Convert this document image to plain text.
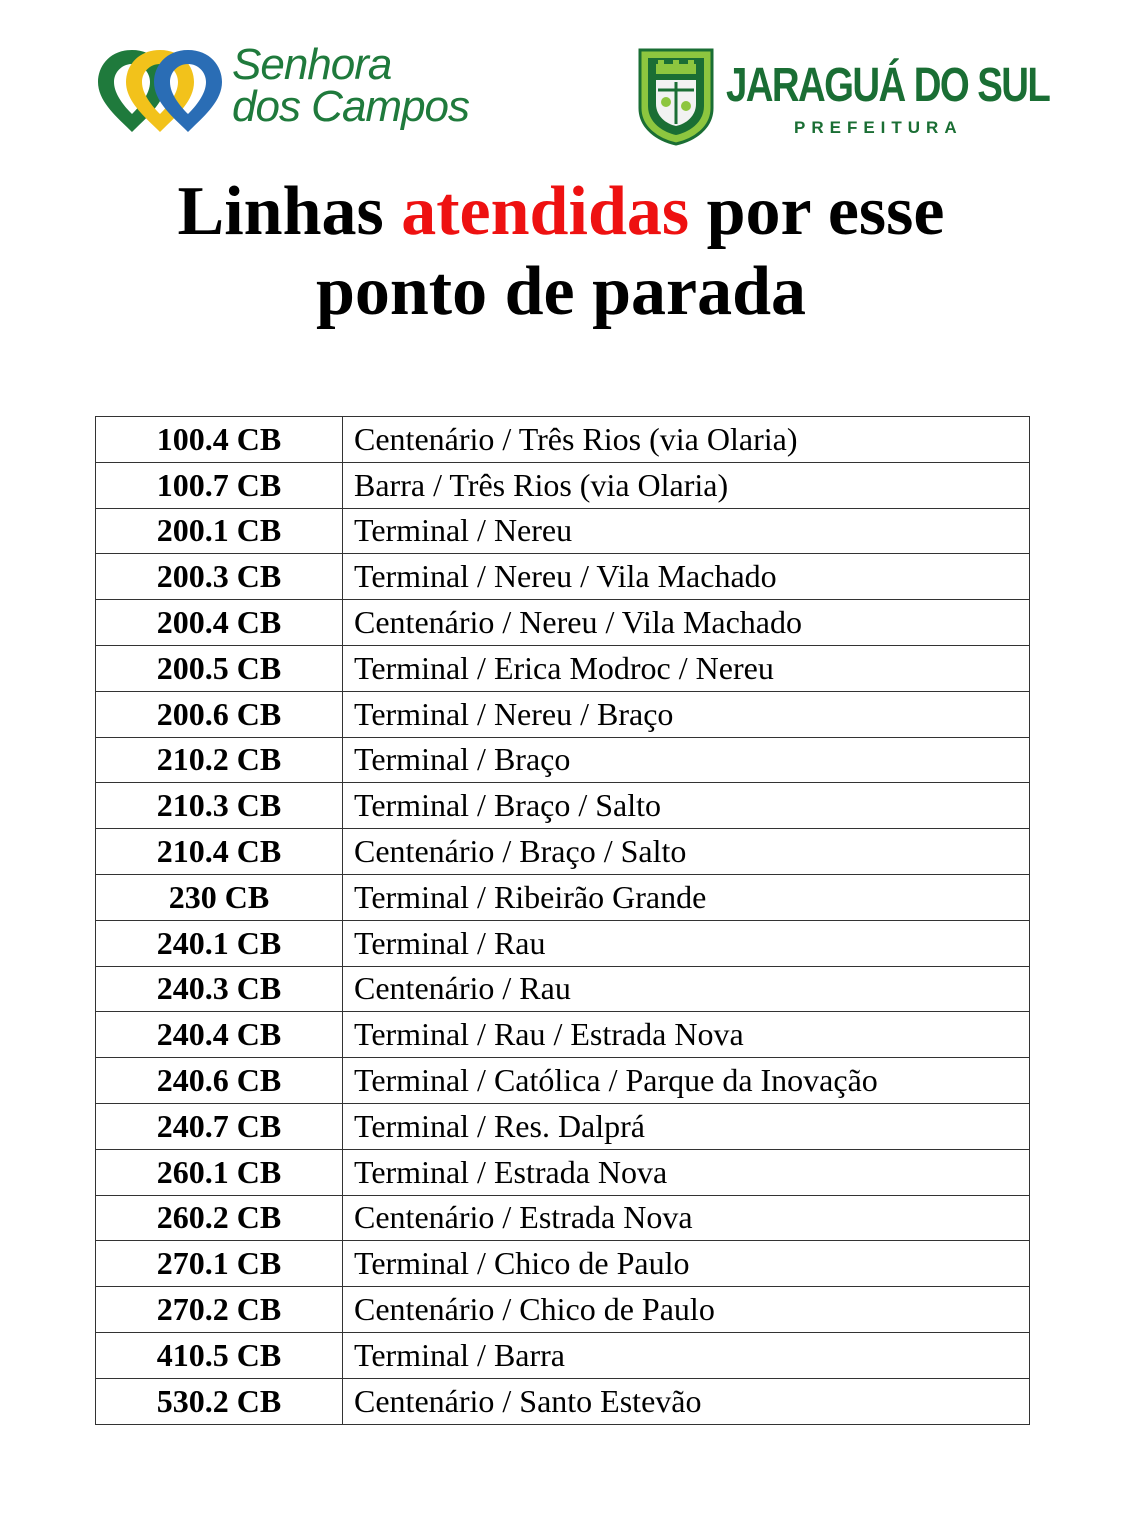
Senhora
dos Campos	JARAGUÁ DO SUL
PREFEITURA
Linhas atendidas por esse
ponto de parada
100.4 CB	Centenário / Três Rios (via Olaria)
100.7 CB	Barra / Três Rios (via Olaria)
200.1 CB	Terminal / Nereu
200.3 CB	Terminal / Nereu / Vila Machado
200.4 CB	Centenário / Nereu / Vila Machado
200.5 CB	Terminal / Erica Modroc / Nereu
200.6 CB	Terminal / Nereu / Braço
210.2 CB	Terminal / Braço
210.3 CB	Terminal / Braço / Salto
210.4 CB	Centenário / Braço / Salto
230 CB	Terminal / Ribeirão Grande
240.1 CB	Terminal / Rau
240.3 CB	Centenário / Rau
240.4 CB	Terminal / Rau / Estrada Nova
240.6 CB	Terminal / Católica / Parque da Inovação
240.7 CB	Terminal / Res. Dalprá
260.1 CB	Terminal / Estrada Nova
260.2 CB	Centenário / Estrada Nova
270.1 CB	Terminal / Chico de Paulo
270.2 CB	Centenário / Chico de Paulo
410.5 CB	Terminal / Barra
530.2 CB	Centenário / Santo Estevão
